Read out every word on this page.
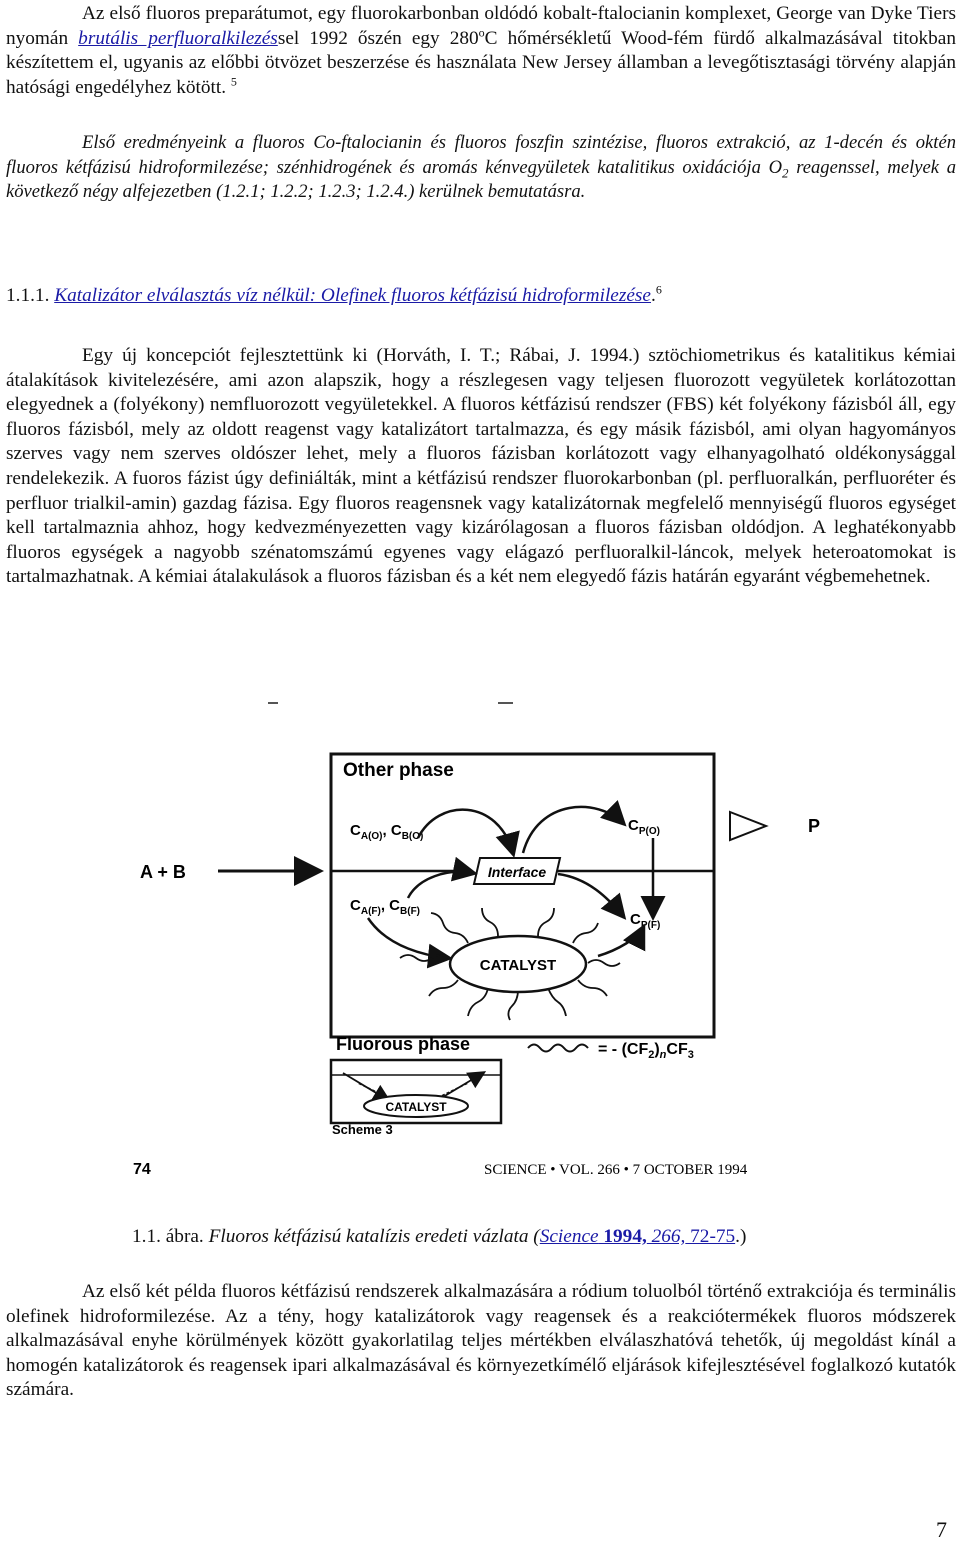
Az első fluoros preparátumot, egy fluorokarbonban oldódó kobalt-ftalocianin komplexet, George van Dyke Tiers nyomán brutális perfluoralkilezéssel 1992 őszén egy 280$^o$C hőmérsékletű Wood-fém fürdő alkalmazásával titokban készítettem el, ugyanis az előbbi ötvözet beszerzése és használata New Jersey államban a levegőtisztasági törvény alapján hatósági engedélyhez kötött. $^5$
Első eredményeink a fluoros Co-ftalocianin és fluoros foszfin szintézise, fluoros extrakció, az 1-decén és oktén fluoros kétfázisú hidroformilezése; szénhidrogének és aromás kénvegyületek katalitikus oxidációja $O_2$ reagenssel, melyek a következő négy alfejezetben (1.2.1; 1.2.2; 1.2.3; 1.2.4.) kerülnek bemutatásra.
1.1.1. Katalizátor elválasztás víz nélkül: Olefinek fluoros kétfázisú hidroformilezése.$^6$
Egy új koncepciót fejlesztettünk ki (Horváth, I. T.; Rábai, J. 1994.) sztöchiometrikus és katalitikus kémiai átalakítások kivitelezésére, ami azon alapszik, hogy a részlegesen vagy teljesen fluorozott vegyületek korlátozottan elegyednek a (folyékony) nemfluorozott vegyületekkel. A fluoros kétfázisú rendszer (FBS) két folyékony fázisból áll, egy fluoros fázisból, mely az oldott reagenst vagy katalizátort tartalmazza, és egy másik fázisból, ami olyan hagyományos szerves vagy nem szerves oldószer lehet, mely a fluoros fázisban korlátozott vagy elhanyagolható oldékonysággal rendelekezik. A fuoros fázist úgy definiálták, mint a kétfázisú rendszer fluorokarbonban (pl. perfluoralkán, perfluoréter és perfluor trialkil-amin) gazdag fázisa. Egy fluoros reagensnek vagy katalizátornak megfelelő mennyiségű fluoros egységet kell tartalmaznia ahhoz, hogy kedvezményezetten vagy kizárólagosan a fluoros fázisban oldódjon. A leghatékonyabb fluoros egységek a nagyobb szénatomszámú egyenes vagy elágazó perfluoralkil-láncok, melyek heteroatomokat is tartalmazhatnak. A kémiai átalakulások a fluoros fázisban és a két nem elegyedő fázis határán egyaránt végbemehetnek.
Interface
Other phase
$C_{A(O)}$, $C_{B(O)}$
$C_{A(F)}$, $C_{B(F)}$
$C_{P(O)}$
$C_{P(F)}$
A + B
P
CATALYST
Fluorous phase
CATALYST
= - $(CF_2)_nCF_3$
Scheme 3
74	SCIENCE • VOL. 266 • 7 OCTOBER 1994
1.1. ábra. Fluoros kétfázisú katalízis eredeti vázlata (Science 1994, 266, 72-75.)
Az első két példa fluoros kétfázisú rendszerek alkalmazására a ródium toluolból történő extrakciója és terminális olefinek hidroformilezése. Az a tény, hogy katalizátorok vagy reagensek és a reakciótermékek fluoros módszerek alkalmazásával enyhe körülmények között gyakorlatilag teljes mértékben elválaszhatóvá tehetők, új megoldást kínál a homogén katalizátorok és reagensek ipari alkalmazásával és környezetkímélő eljárások kifejlesztésével foglalkozó kutatók számára.
7
